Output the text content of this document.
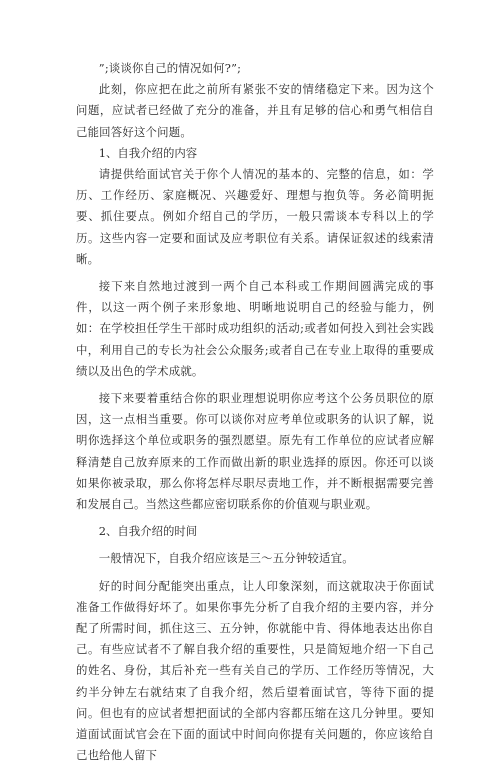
”;谈谈你自己的情况如何?”;

此刻，你应把在此之前所有紧张不安的情绪稳定下来。因为这个问题，应试者已经做了充分的准备，并且有足够的信心和勇气相信自己能回答好这个问题。

1、自我介绍的内容

请提供给面试官关于你个人情况的基本的、完整的信息，如：学历、工作经历、家庭概况、兴趣爱好、理想与抱负等。务必简明扼要、抓住要点。例如介绍自己的学历，一般只需谈本专科以上的学历。这些内容一定要和面试及应考职位有关系。请保证叙述的线索清晰。

接下来自然地过渡到一两个自己本科或工作期间圆满完成的事件，以这一两个例子来形象地、明晰地说明自己的经验与能力，例如：在学校担任学生干部时成功组织的活动;或者如何投入到社会实践中，利用自己的专长为社会公众服务;或者自己在专业上取得的重要成绩以及出色的学术成就。

接下来要着重结合你的职业理想说明你应考这个公务员职位的原因，这一点相当重要。你可以谈你对应考单位或职务的认识了解，说明你选择这个单位或职务的强烈愿望。原先有工作单位的应试者应解释清楚自己放弃原来的工作而做出新的职业选择的原因。你还可以谈如果你被录取，那么你将怎样尽职尽责地工作，并不断根据需要完善和发展自己。当然这些都应密切联系你的价值观与职业观。

2、自我介绍的时间

一般情况下，自我介绍应该是三～五分钟较适宜。

好的时间分配能突出重点，让人印象深刻，而这就取决于你面试准备工作做得好坏了。如果你事先分析了自我介绍的主要内容，并分配了所需时间，抓住这三、五分钟，你就能中肯、得体地表达出你自己。有些应试者不了解自我介绍的重要性，只是简短地介绍一下自己的姓名、身份，其后补充一些有关自己的学历、工作经历等情况，大约半分钟左右就结束了自我介绍，然后望着面试官，等待下面的提问。但也有的应试者想把面试的全部内容都压缩在这几分钟里。要知道面试面试官会在下面的面试中时间向你提有关问题的，你应该给自己也给他人留下
